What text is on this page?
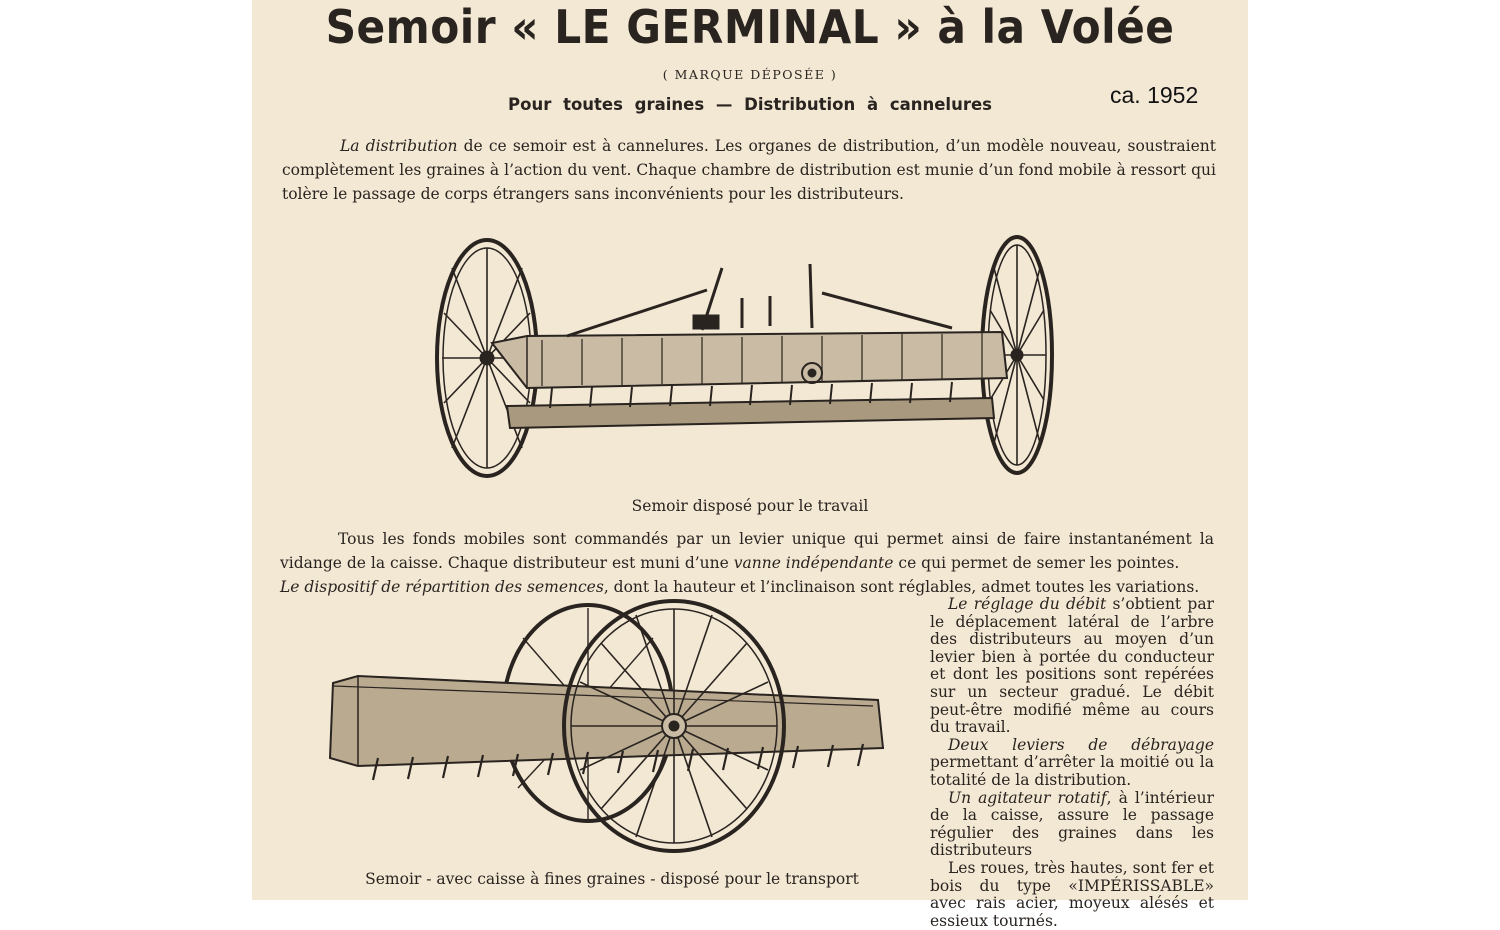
Semoir « LE GERMINAL » à la Volée
( MARQUE DÉPOSÉE )
Pour toutes graines — Distribution à cannelures	ca. 1952

La distribution de ce semoir est à cannelures. Les organes de distribution, d’un modèle nouveau, soustraient complètement les graines à l’action du vent. Chaque chambre de distribution est munie d’un fond mobile à ressort qui tolère le passage de corps étrangers sans inconvénients pour les distributeurs.

Semoir disposé pour le travail

Tous les fonds mobiles sont commandés par un levier unique qui permet ainsi de faire instantanément la vidange de la caisse. Chaque distributeur est muni d’une vanne indépendante ce qui permet de semer les pointes.

Le dispositif de répartition des semences, dont la hauteur et l’inclinaison sont réglables, admet toutes les variations.

Le réglage du débit s’obtient par le déplacement latéral de l’arbre des distributeurs au moyen d’un levier bien à portée du conducteur et dont les positions sont repérées sur un secteur gradué. Le débit peut-être modifié même au cours du travail.

Deux leviers de débrayage permettant d’arrêter la moitié ou la totalité de la distribution.

Un agitateur rotatif, à l’intérieur de la caisse, assure le passage régulier des graines dans les distributeurs

Les roues, très hautes, sont fer et bois du type «IMPÉRISSABLE» avec rais acier, moyeux alésés et essieux tournés.

Semoir - avec caisse à fines graines - disposé pour le transport
